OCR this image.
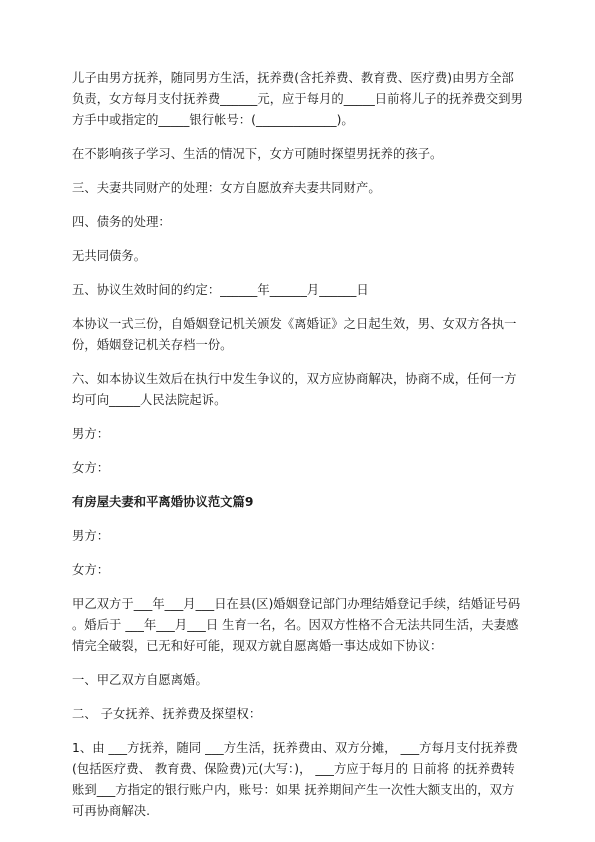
儿子由男方抚养，随同男方生活，抚养费(含托养费、教育费、医疗费)由男方全部负责，女方每月支付抚养费______元，应于每月的_____日前将儿子的抚养费交到男方手中或指定的_____银行帐号：(_____________)。

在不影响孩子学习、生活的情况下，女方可随时探望男抚养的孩子。

三、夫妻共同财产的处理：女方自愿放弃夫妻共同财产。

四、债务的处理：

无共同债务。

五、协议生效时间的约定：______年______月______日

本协议一式三份，自婚姻登记机关颁发《离婚证》之日起生效，男、女双方各执一份，婚姻登记机关存档一份。

六、如本协议生效后在执行中发生争议的，双方应协商解决，协商不成，任何一方均可向_____人民法院起诉。

男方：

女方：

有房屋夫妻和平离婚协议范文篇9

男方：

女方：

甲乙双方于___年___月___日在县(区)婚姻登记部门办理结婚登记手续，结婚证号码 。婚后于 ___年___月___日 生育一名，名。因双方性格不合无法共同生活，夫妻感情完全破裂，已无和好可能，现双方就自愿离婚一事达成如下协议：

一、甲乙双方自愿离婚。

二、 子女抚养、抚养费及探望权：

1、由 ___方抚养，随同 ___方生活，抚养费由、双方分摊， ___方每月支付抚养费(包括医疗费、 教育费、保险费)元(大写：)， ___方应于每月的 日前将 的抚养费转账到___方指定的银行账户内，账号：如果 抚养期间产生一次性大额支出的，双方可再协商解决.
